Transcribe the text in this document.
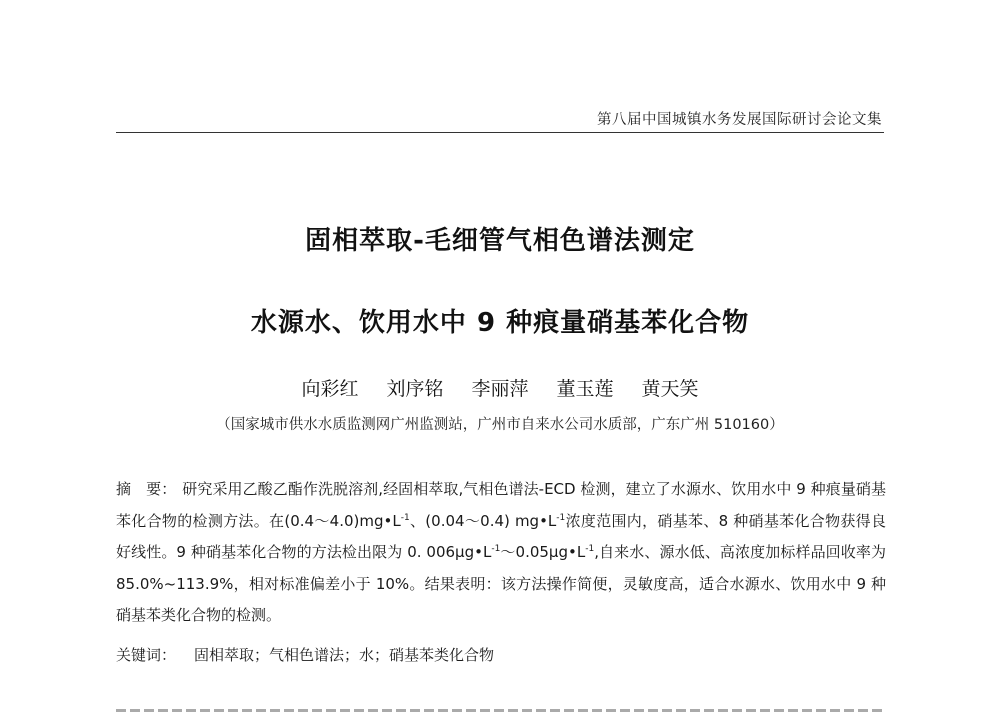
第八届中国城镇水务发展国际研讨会论文集
固相萃取-毛细管气相色谱法测定
水源水、饮用水中 9 种痕量硝基苯化合物
向彩红 刘序铭 李丽萍 董玉莲 黄天笑
（国家城市供水水质监测网广州监测站，广州市自来水公司水质部，广东广州 510160）
摘　要： 研究采用乙酸乙酯作洗脱溶剂,经固相萃取,气相色谱法-ECD 检测，建立了水源水、饮用水中 9 种痕量硝基苯化合物的检测方法。在$(0.4\sim 4.0)mg•L^{-1}$、(0.04～0.4) $mg•L^{-1}$浓度范围内，硝基苯、8 种硝基苯化合物获得良好线性。9 种硝基苯化合物的方法检出限为 0. $006\mu g•L^{-1}\sim 0.05\mu g•L^{-1}$,自来水、源水低、高浓度加标样品回收率为 85.0%~113.9%，相对标准偏差小于 10%。结果表明：该方法操作简便，灵敏度高，适合水源水、饮用水中 9 种硝基苯类化合物的检测。
关键词： 固相萃取；气相色谱法；水；硝基苯类化合物
